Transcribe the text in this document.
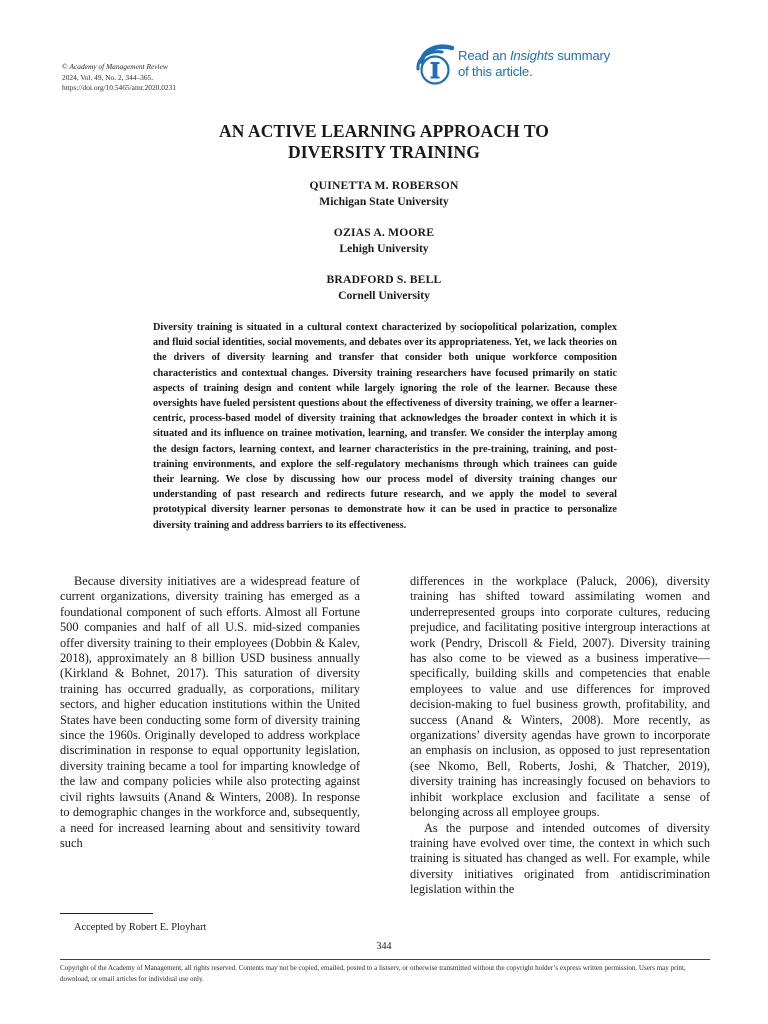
© Academy of Management Review
2024, Vol. 49, No. 2, 344–365.
https://doi.org/10.5465/amr.2020.0231
Read an Insights summary
of this article.
AN ACTIVE LEARNING APPROACH TO
DIVERSITY TRAINING
QUINETTA M. ROBERSON
Michigan State University
OZIAS A. MOORE
Lehigh University
BRADFORD S. BELL
Cornell University
Diversity training is situated in a cultural context characterized by sociopolitical polarization, complex and fluid social identities, social movements, and debates over its appropriateness. Yet, we lack theories on the drivers of diversity learning and transfer that consider both unique workforce composition characteristics and contextual changes. Diversity training researchers have focused primarily on static aspects of training design and content while largely ignoring the role of the learner. Because these oversights have fueled persistent questions about the effectiveness of diversity training, we offer a learner-centric, process-based model of diversity training that acknowledges the broader context in which it is situated and its influence on trainee motivation, learning, and transfer. We consider the interplay among the design factors, learning context, and learner characteristics in the pre-training, training, and post-training environments, and explore the self-regulatory mechanisms through which trainees can guide their learning. We close by discussing how our process model of diversity training changes our understanding of past research and redirects future research, and we apply the model to several prototypical diversity learner personas to demonstrate how it can be used in practice to personalize diversity training and address barriers to its effectiveness.

Because diversity initiatives are a widespread feature of current organizations, diversity training has emerged as a foundational component of such efforts. Almost all Fortune 500 companies and half of all U.S. mid-sized companies offer diversity training to their employees (Dobbin & Kalev, 2018), approximately an 8 billion USD business annually (Kirkland & Bohnet, 2017). This saturation of diversity training has occurred gradually, as corporations, military sectors, and higher education institutions within the United States have been conducting some form of diversity training since the 1960s. Originally developed to address workplace discrimination in response to equal opportunity legislation, diversity training became a tool for imparting knowledge of the law and company policies while also protecting against civil rights lawsuits (Anand & Winters, 2008). In response to demographic changes in the workforce and, subsequently, a need for increased learning about and sensitivity toward such

differences in the workplace (Paluck, 2006), diversity training has shifted toward assimilating women and underrepresented groups into corporate cultures, reducing prejudice, and facilitating positive intergroup interactions at work (Pendry, Driscoll & Field, 2007). Diversity training has also come to be viewed as a business imperative—specifically, building skills and competencies that enable employees to value and use differences for improved decision-making to fuel business growth, profitability, and success (Anand & Winters, 2008). More recently, as organizations’ diversity agendas have grown to incorporate an emphasis on inclusion, as opposed to just representation (see Nkomo, Bell, Roberts, Joshi, & Thatcher, 2019), diversity training has increasingly focused on behaviors to inhibit workplace exclusion and facilitate a sense of belonging across all employee groups.

As the purpose and intended outcomes of diversity training have evolved over time, the context in which such training is situated has changed as well. For example, while diversity initiatives originated from antidiscrimination legislation within the

Accepted by Robert E. Ployhart
344
Copyright of the Academy of Management, all rights reserved. Contents may not be copied, emailed, posted to a listserv, or otherwise transmitted without the copyright holder’s express written permission. Users may print, download, or email articles for individual use only.
